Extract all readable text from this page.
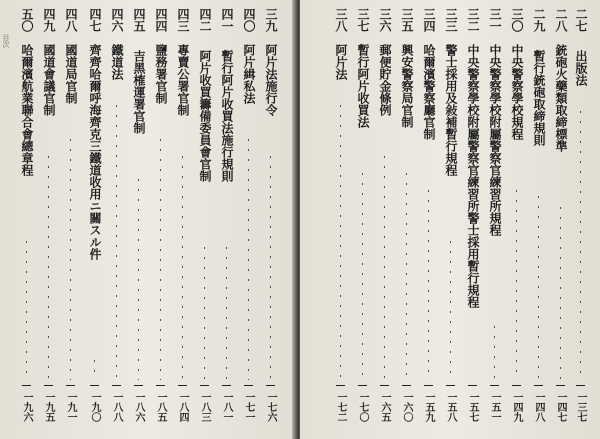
目次
三九
阿片法施行令
一七六
四〇
阿片緝私法
一七一
四一
暫行阿片收買法施行規則
一八一
四二
阿片收買籌備委員會官制
一八三
四三
專賣公署官制
一八四
四四
鹽務署官制
一八五
四五
吉黑榷運署官制
一八六
四六
鐵道法
一八八
四七
齊齊哈爾呼海齊克三鐵道收用ニ關スル件
一九〇
四八
國道局官制
一九一
四九
國道會議官制
一九五
五〇
哈爾濱航業聯合會總章程
一九六
二七
出版法
一三七
二八
銃砲火藥類取締標準
一四七
二九
暫行銃砲取締規則
一四八
三〇
中央警察學校規程
一四九
三一
中央警察學校附屬警察官練習所規程
一五一
三二
中央警察學校附屬警察官練習所警士採用暫行規程
一五七
三三
警士採用及敍補暫行規程
一五八
三四
哈爾濱警察廳官制
一五九
三五
興安警察局官制
一六〇
三六
郵便貯金條例
一六五
三七
暫行阿片收買法
一七〇
三八
阿片法
一七二
